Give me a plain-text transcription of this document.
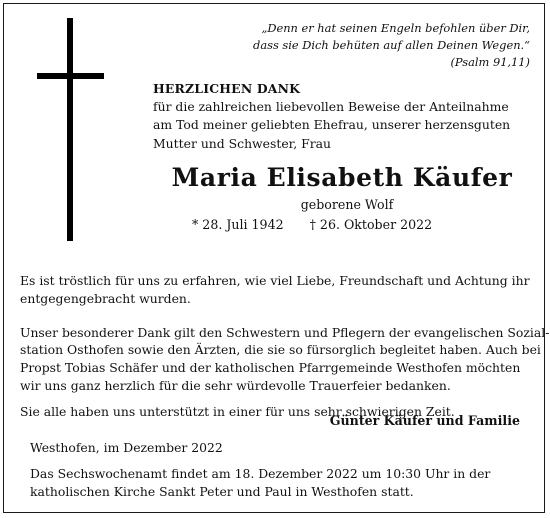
„Denn er hat seinen Engeln befohlen über Dir,
dass sie Dich behüten auf allen Deinen Wegen.“
(Psalm 91,11)
HERZLICHEN DANK
für die zahlreichen liebevollen Beweise der Anteilnahme
am Tod meiner geliebten Ehefrau, unserer herzensguten
Mutter und Schwester, Frau
Maria Elisabeth Käufer
geborene Wolf
* 28. Juli 1942 † 26. Oktober 2022

Es ist tröstlich für uns zu erfahren, wie viel Liebe, Freundschaft und Achtung ihr
entgegengebracht wurden.

Unser besonderer Dank gilt den Schwestern und Pflegern der evangelischen Sozial-
station Osthofen sowie den Ärzten, die sie so fürsorglich begleitet haben. Auch bei
Propst Tobias Schäfer und der katholischen Pfarrgemeinde Westhofen möchten
wir uns ganz herzlich für die sehr würdevolle Trauerfeier bedanken.
Sie alle haben uns unterstützt in einer für uns sehr schwierigen Zeit.
Günter Käufer und Familie
Westhofen, im Dezember 2022
Das Sechswochenamt findet am 18. Dezember 2022 um 10:30 Uhr in der
katholischen Kirche Sankt Peter und Paul in Westhofen statt.
